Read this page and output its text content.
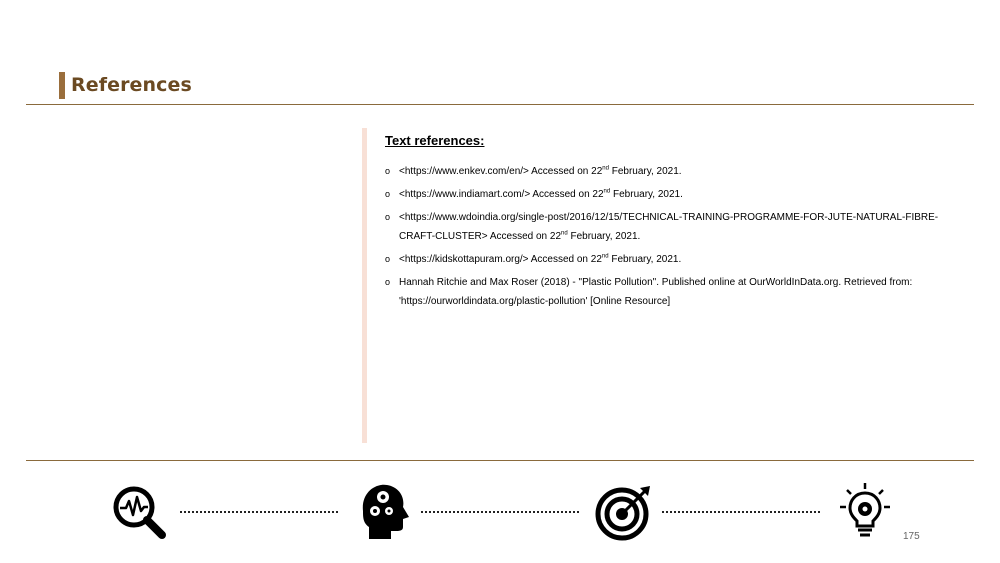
References
Text references:
o <https://www.enkev.com/en/> Accessed on 22nd February, 2021.
o <https://www.indiamart.com/> Accessed on 22nd February, 2021.
o <https://www.wdoindia.org/single-post/2016/12/15/TECHNICAL-TRAINING-PROGRAMME-FOR-JUTE-NATURAL-FIBRE-CRAFT-CLUSTER> Accessed on 22nd February, 2021.
o <https://kidskottapuram.org/> Accessed on 22nd February, 2021.
o Hannah Ritchie and Max Roser (2018) - "Plastic Pollution". Published online at OurWorldInData.org. Retrieved from: 'https://ourworldindata.org/plastic-pollution' [Online Resource]
175
